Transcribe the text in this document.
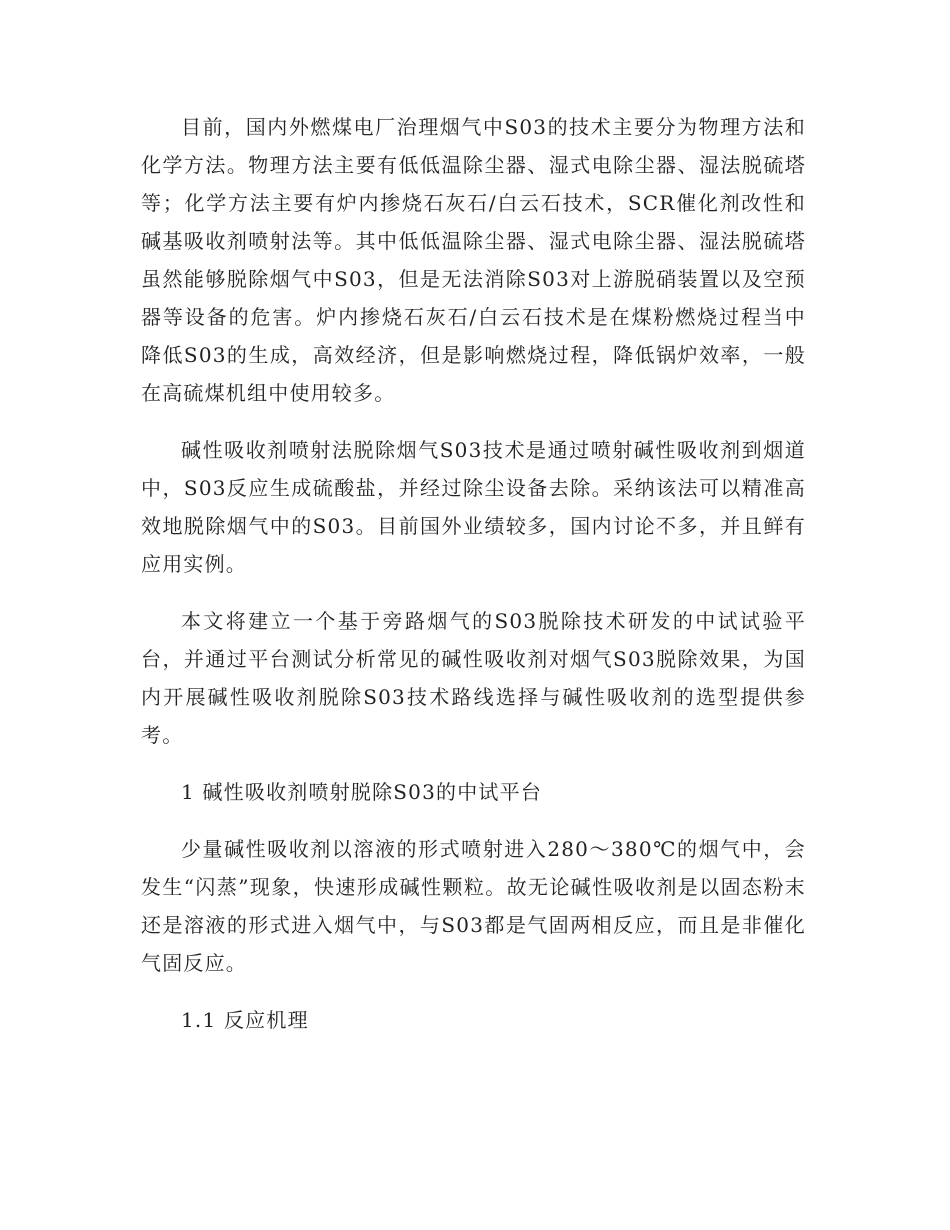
目前，国内外燃煤电厂治理烟气中S03的技术主要分为物理方法和化学方法。物理方法主要有低低温除尘器、湿式电除尘器、湿法脱硫塔等；化学方法主要有炉内掺烧石灰石/白云石技术，SCR催化剂改性和碱基吸收剂喷射法等。其中低低温除尘器、湿式电除尘器、湿法脱硫塔虽然能够脱除烟气中S03，但是无法消除S03对上游脱硝装置以及空预器等设备的危害。炉内掺烧石灰石/白云石技术是在煤粉燃烧过程当中降低S03的生成，高效经济，但是影响燃烧过程，降低锅炉效率，一般在高硫煤机组中使用较多。

碱性吸收剂喷射法脱除烟气S03技术是通过喷射碱性吸收剂到烟道中，S03反应生成硫酸盐，并经过除尘设备去除。采纳该法可以精准高效地脱除烟气中的S03。目前国外业绩较多，国内讨论不多，并且鲜有应用实例。

本文将建立一个基于旁路烟气的S03脱除技术研发的中试试验平台，并通过平台测试分析常见的碱性吸收剂对烟气S03脱除效果，为国内开展碱性吸收剂脱除S03技术路线选择与碱性吸收剂的选型提供参考。

1 碱性吸收剂喷射脱除S03的中试平台

少量碱性吸收剂以溶液的形式喷射进入280～380℃的烟气中，会发生“闪蒸”现象，快速形成碱性颗粒。故无论碱性吸收剂是以固态粉末还是溶液的形式进入烟气中，与S03都是气固两相反应，而且是非催化气固反应。

1.1 反应机理
